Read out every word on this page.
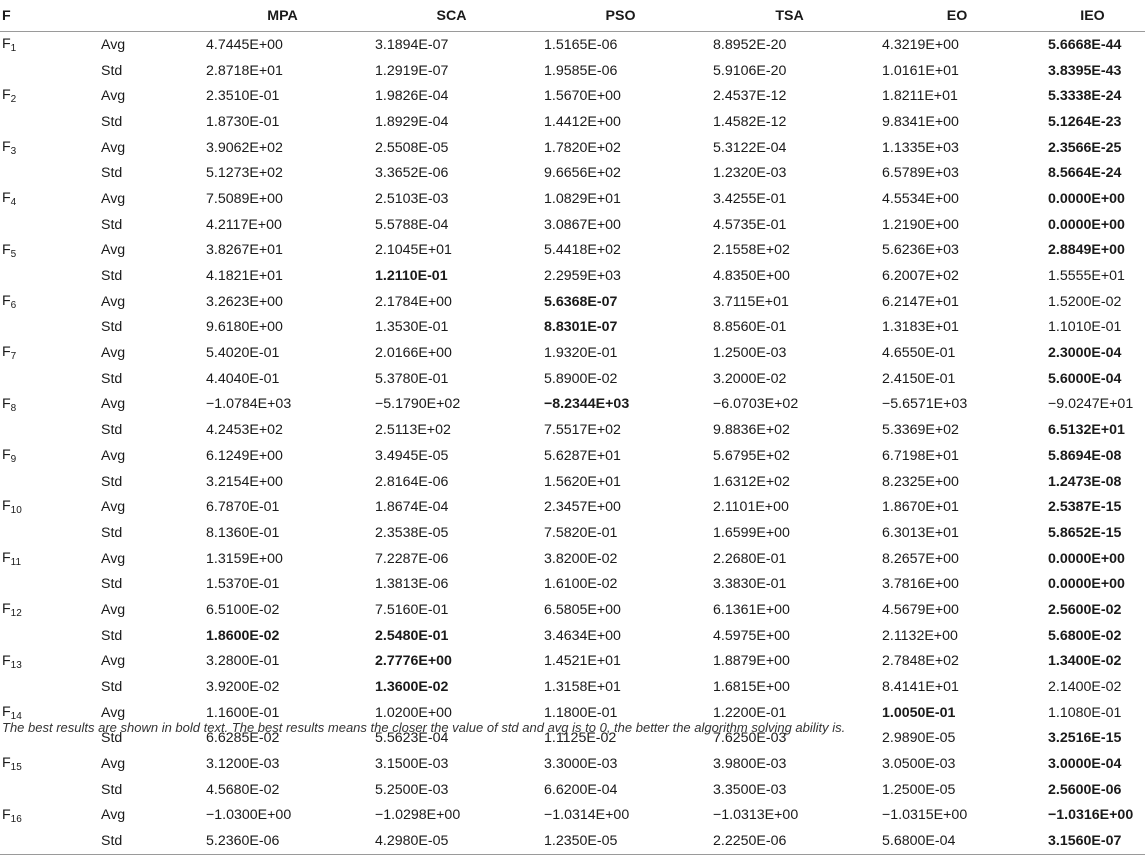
F		MPA	SCA	PSO	TSA	EO	IEO
$F_1$	Avg	4.7445E+00	3.1894E-07	1.5165E-06	8.8952E-20	4.3219E+00	5.6668E-44
	Std	2.8718E+01	1.2919E-07	1.9585E-06	5.9106E-20	1.0161E+01	3.8395E-43
$F_2$	Avg	2.3510E-01	1.9826E-04	1.5670E+00	2.4537E-12	1.8211E+01	5.3338E-24
	Std	1.8730E-01	1.8929E-04	1.4412E+00	1.4582E-12	9.8341E+00	5.1264E-23
$F_3$	Avg	3.9062E+02	2.5508E-05	1.7820E+02	5.3122E-04	1.1335E+03	2.3566E-25
	Std	5.1273E+02	3.3652E-06	9.6656E+02	1.2320E-03	6.5789E+03	8.5664E-24
$F_4$	Avg	7.5089E+00	2.5103E-03	1.0829E+01	3.4255E-01	4.5534E+00	0.0000E+00
	Std	4.2117E+00	5.5788E-04	3.0867E+00	4.5735E-01	1.2190E+00	0.0000E+00
$F_5$	Avg	3.8267E+01	2.1045E+01	5.4418E+02	2.1558E+02	5.6236E+03	2.8849E+00
	Std	4.1821E+01	1.2110E-01	2.2959E+03	4.8350E+00	6.2007E+02	1.5555E+01
$F_6$	Avg	3.2623E+00	2.1784E+00	5.6368E-07	3.7115E+01	6.2147E+01	1.5200E-02
	Std	9.6180E+00	1.3530E-01	8.8301E-07	8.8560E-01	1.3183E+01	1.1010E-01
$F_7$	Avg	5.4020E-01	2.0166E+00	1.9320E-01	1.2500E-03	4.6550E-01	2.3000E-04
	Std	4.4040E-01	5.3780E-01	5.8900E-02	3.2000E-02	2.4150E-01	5.6000E-04
$F_8$	Avg	−1.0784E+03	−5.1790E+02	−8.2344E+03	−6.0703E+02	−5.6571E+03	−9.0247E+01
	Std	4.2453E+02	2.5113E+02	7.5517E+02	9.8836E+02	5.3369E+02	6.5132E+01
$F_9$	Avg	6.1249E+00	3.4945E-05	5.6287E+01	5.6795E+02	6.7198E+01	5.8694E-08
	Std	3.2154E+00	2.8164E-06	1.5620E+01	1.6312E+02	8.2325E+00	1.2473E-08
$F_{10}$	Avg	6.7870E-01	1.8674E-04	2.3457E+00	2.1101E+00	1.8670E+01	2.5387E-15
	Std	8.1360E-01	2.3538E-05	7.5820E-01	1.6599E+00	6.3013E+01	5.8652E-15
$F_{11}$	Avg	1.3159E+00	7.2287E-06	3.8200E-02	2.2680E-01	8.2657E+00	0.0000E+00
	Std	1.5370E-01	1.3813E-06	1.6100E-02	3.3830E-01	3.7816E+00	0.0000E+00
$F_{12}$	Avg	6.5100E-02	7.5160E-01	6.5805E+00	6.1361E+00	4.5679E+00	2.5600E-02
	Std	1.8600E-02	2.5480E-01	3.4634E+00	4.5975E+00	2.1132E+00	5.6800E-02
$F_{13}$	Avg	3.2800E-01	2.7776E+00	1.4521E+01	1.8879E+00	2.7848E+02	1.3400E-02
	Std	3.9200E-02	1.3600E-02	1.3158E+01	1.6815E+00	8.4141E+01	2.1400E-02
$F_{14}$	Avg	1.1600E-01	1.0200E+00	1.1800E-01	1.2200E-01	1.0050E-01	1.1080E-01
	Std	6.6285E-02	5.5623E-04	1.1125E-02	7.6250E-03	2.9890E-05	3.2516E-15
$F_{15}$	Avg	3.1200E-03	3.1500E-03	3.3000E-03	3.9800E-03	3.0500E-03	3.0000E-04
	Std	4.5680E-02	5.2500E-03	6.6200E-04	3.3500E-03	1.2500E-05	2.5600E-06
$F_{16}$	Avg	−1.0300E+00	−1.0298E+00	−1.0314E+00	−1.0313E+00	−1.0315E+00	−1.0316E+00
	Std	5.2360E-06	4.2980E-05	1.2350E-05	2.2250E-06	5.6800E-04	3.1560E-07
The best results are shown in bold text. The best results means the closer the value of std and avg is to 0, the better the algorithm solving ability is.
